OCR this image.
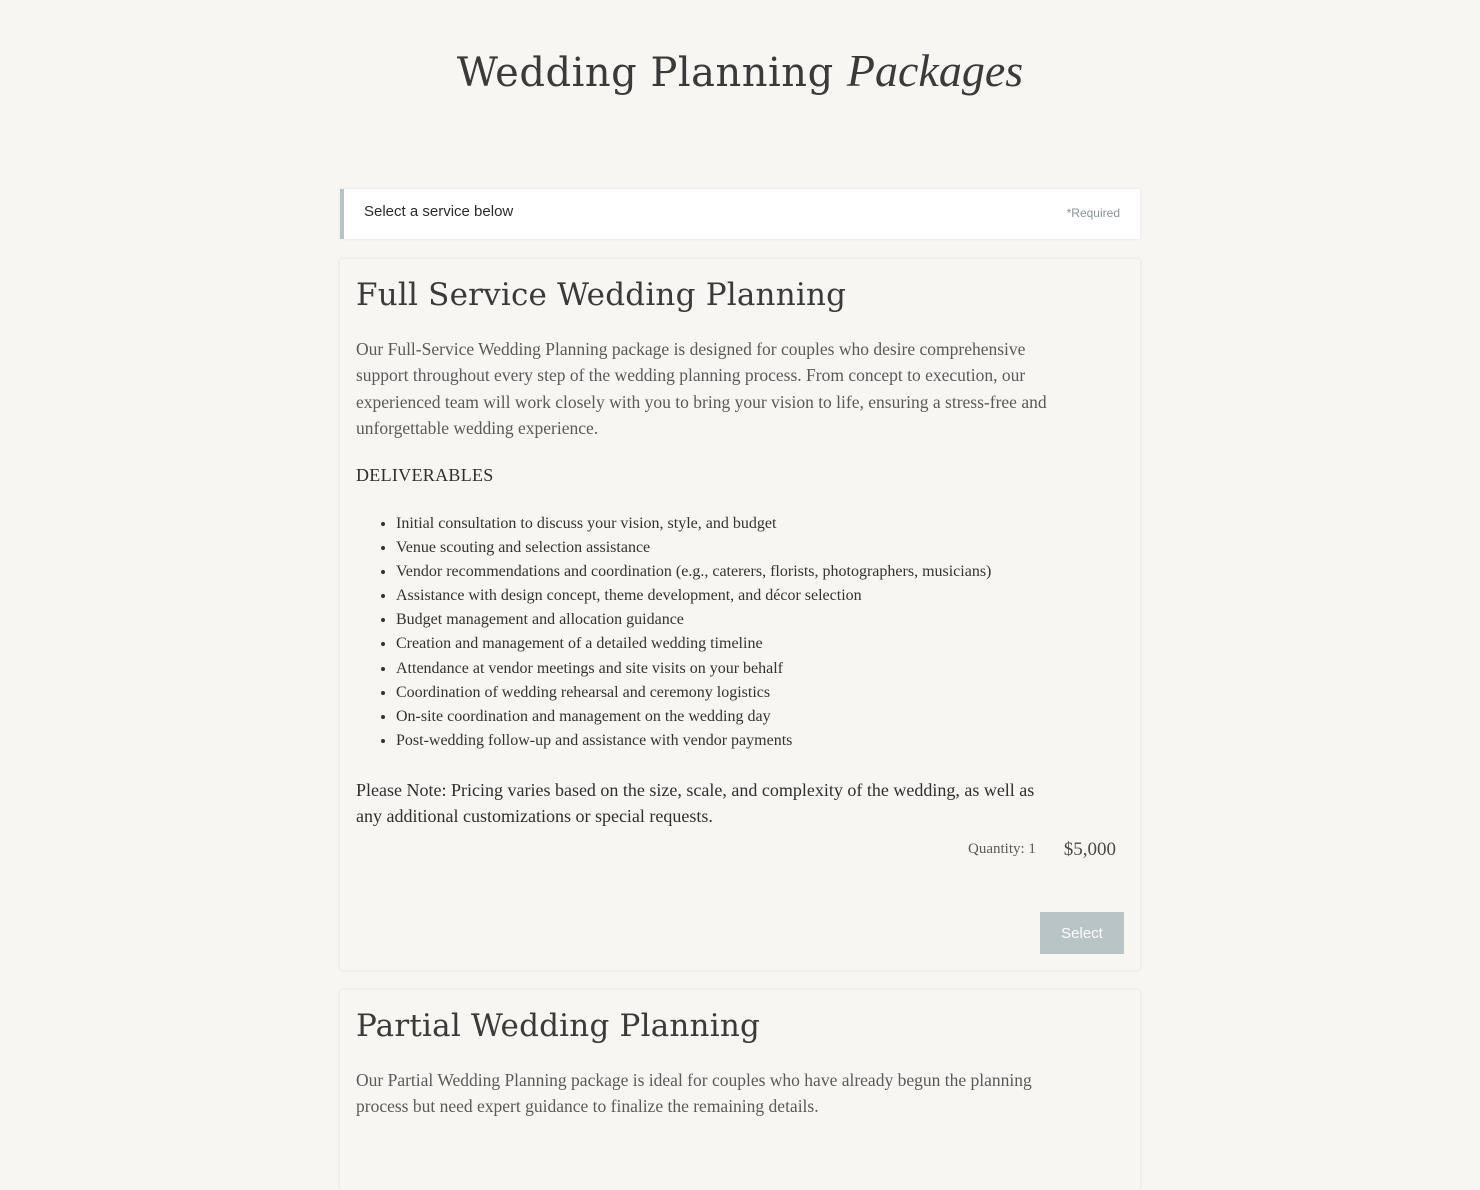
Wedding Planning Packages
Select a service below	*Required
Full Service Wedding Planning
Our Full-Service Wedding Planning package is designed for couples who desire comprehensive support throughout every step of the wedding planning process. From concept to execution, our experienced team will work closely with you to bring your vision to life, ensuring a stress-free and unforgettable wedding experience.
DELIVERABLES
• Initial consultation to discuss your vision, style, and budget
• Venue scouting and selection assistance
• Vendor recommendations and coordination (e.g., caterers, florists, photographers, musicians)
• Assistance with design concept, theme development, and décor selection
• Budget management and allocation guidance
• Creation and management of a detailed wedding timeline
• Attendance at vendor meetings and site visits on your behalf
• Coordination of wedding rehearsal and ceremony logistics
• On-site coordination and management on the wedding day
• Post-wedding follow-up and assistance with vendor payments
Please Note: Pricing varies based on the size, scale, and complexity of the wedding, as well as any additional customizations or special requests.
Quantity: 1 $5,000
Select
Partial Wedding Planning
Our Partial Wedding Planning package is ideal for couples who have already begun the planning process but need expert guidance to finalize the remaining details.
